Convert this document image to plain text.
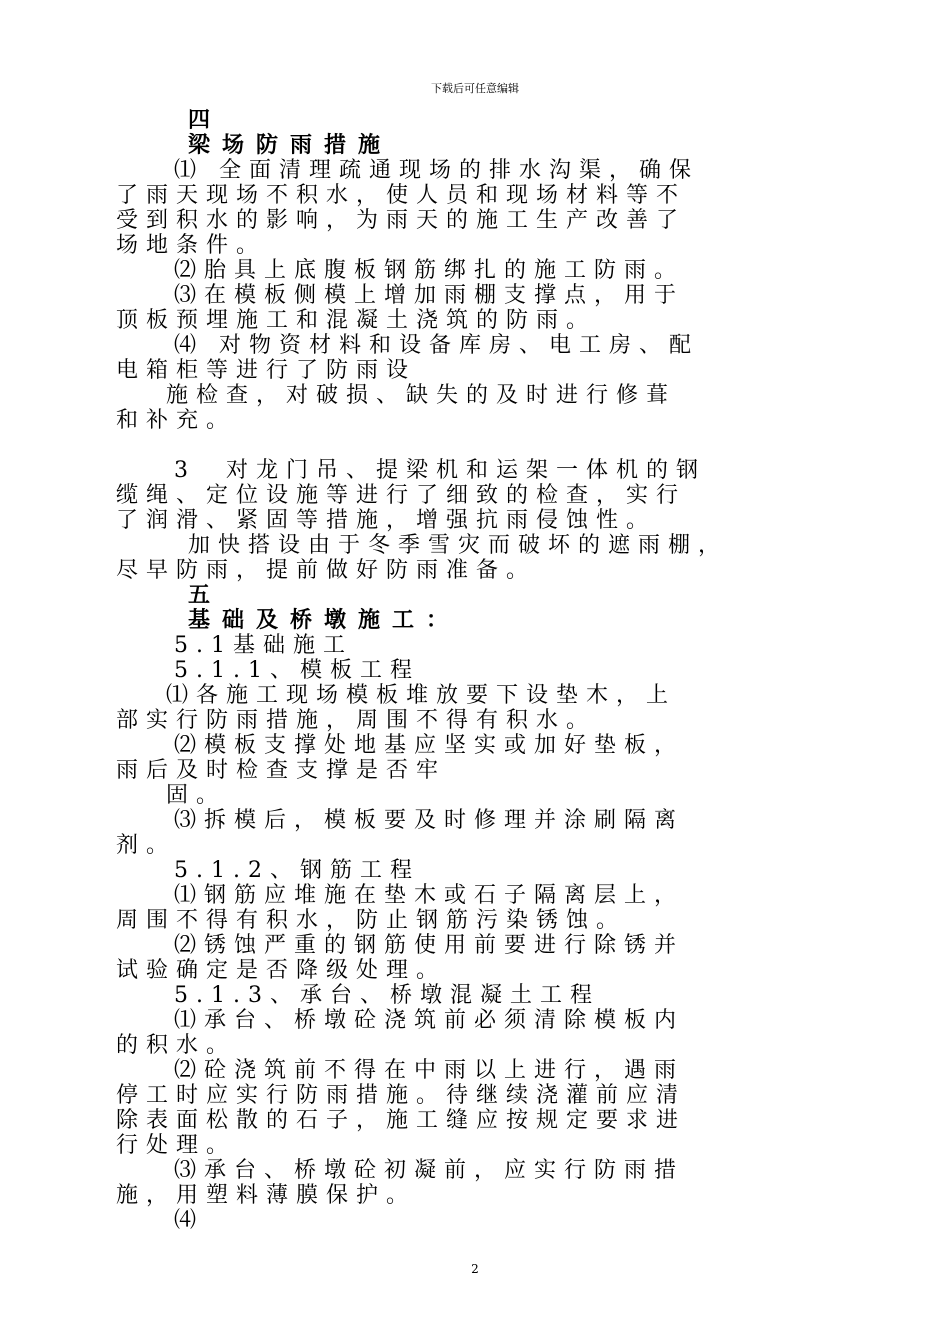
下载后可任意编辑
四
梁场防雨措施
⑴ 全面清理疏通现场的排水沟渠，确保
了雨天现场不积水，使人员和现场材料等不
受到积水的影响，为雨天的施工生产改善了
场地条件。
⑵胎具上底腹板钢筋绑扎的施工防雨。
⑶在模板侧模上增加雨棚支撑点，用于
顶板预埋施工和混凝土浇筑的防雨。
⑷ 对物资材料和设备库房、电工房、配
电箱柜等进行了防雨设
施检查，对破损、缺失的及时进行修葺
和补充。
3  对龙门吊、提梁机和运架一体机的钢
缆绳、定位设施等进行了细致的检查，实行
了润滑、紧固等措施，增强抗雨侵蚀性。
加快搭设由于冬季雪灾而破坏的遮雨棚，
尽早防雨，提前做好防雨准备。
五
基础及桥墩施工：
5.1基础施工
5.1.1、模板工程
⑴各施工现场模板堆放要下设垫木，上
部实行防雨措施，周围不得有积水。
⑵模板支撑处地基应坚实或加好垫板，
雨后及时检查支撑是否牢
固。
⑶拆模后，模板要及时修理并涂刷隔离
剂。
5.1.2、钢筋工程
⑴钢筋应堆施在垫木或石子隔离层上，
周围不得有积水，防止钢筋污染锈蚀。
⑵锈蚀严重的钢筋使用前要进行除锈并
试验确定是否降级处理。
5.1.3、承台、桥墩混凝土工程
⑴承台、桥墩砼浇筑前必须清除模板内
的积水。
⑵砼浇筑前不得在中雨以上进行，遇雨
停工时应实行防雨措施。待继续浇灌前应清
除表面松散的石子，施工缝应按规定要求进
行处理。
⑶承台、桥墩砼初凝前，应实行防雨措
施，用塑料薄膜保护。
⑷
2
